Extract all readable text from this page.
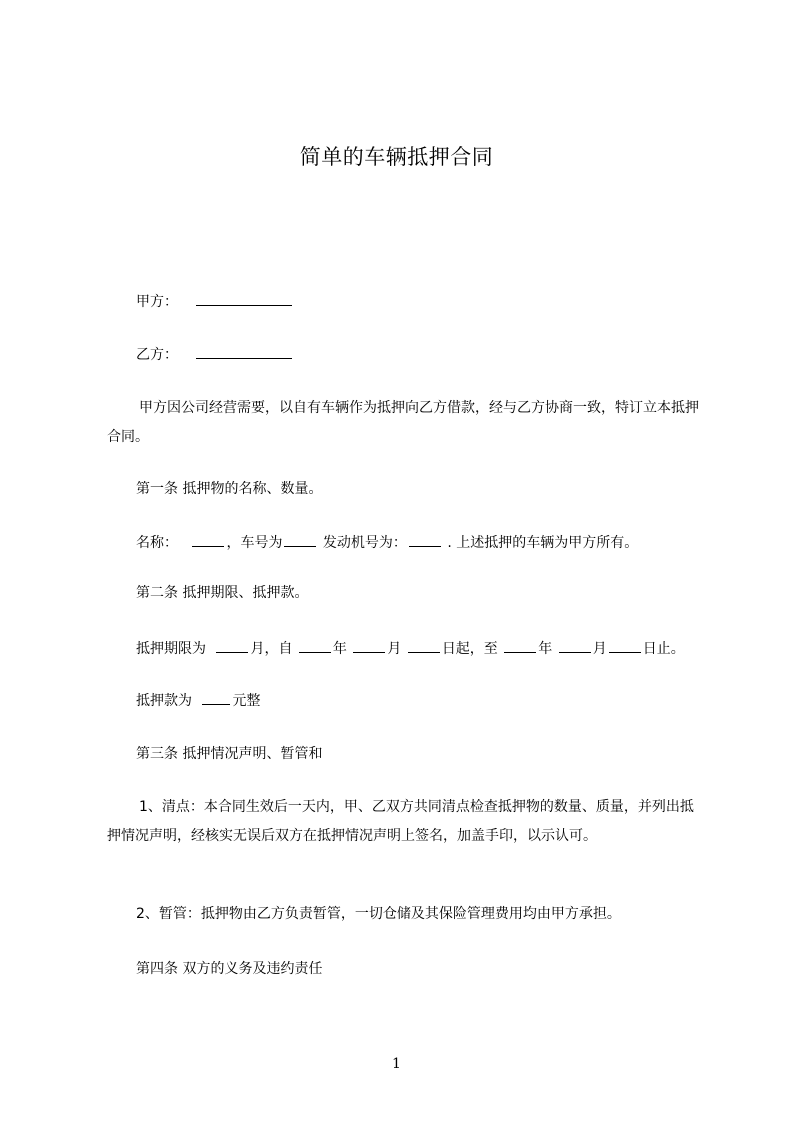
简单的车辆抵押合同
甲方：
乙方：
甲方因公司经营需要，以自有车辆作为抵押向乙方借款，经与乙方协商一致，特订立本抵押合同。
第一条 抵押物的名称、数量。
名称：	，车号为	发动机号为：	. 上述抵押的车辆为甲方所有。
第二条 抵押期限、抵押款。
抵押期限为	月，自	年	月	日起，至	年	月	日止。
抵押款为	元整
第三条 抵押情况声明、暂管和
1、清点：本合同生效后一天内，甲、乙双方共同清点检查抵押物的数量、质量，并列出抵押情况声明，经核实无误后双方在抵押情况声明上签名，加盖手印，以示认可。
2、暂管：抵押物由乙方负责暂管，一切仓储及其保险管理费用均由甲方承担。
第四条 双方的义务及违约责任
1
